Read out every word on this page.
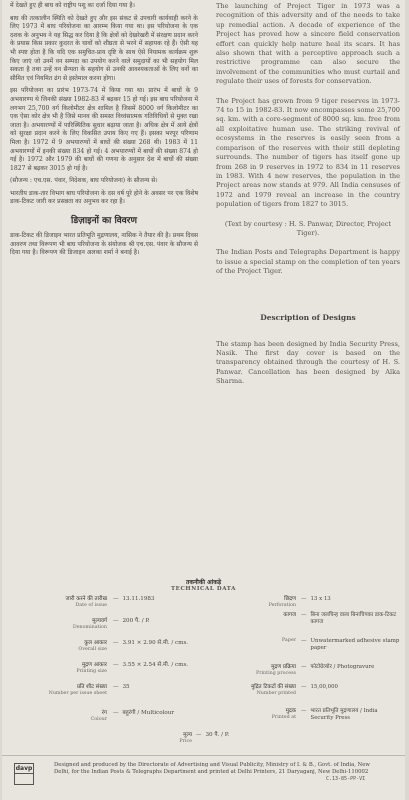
में देखते हुए ही बाघ को राष्ट्रीय पशु का दर्जा दिया गया है।

बाघ की तत्कालीन स्थिति को देखते हुए और इस संकट से उपचारी कार्यवाही करने के लिए 1973 में बाघ परियोजना का आरम्भ किया गया था। इस परियोजना के एक दशक के अनुभव ने यह सिद्ध कर दिया है कि क्षेत्रों को देखरेखरी में संरक्षण प्रदान करने के प्रयास किस प्रकार कुदरत के घावों को शीघ्रता से भरने में सहायक रहे हैं। ऐसी यह भी स्पष्ट होता है कि यदि एक समुचित-प्राय दृष्टि के साथ ऐसे नियामक कार्यक्रम शुरू किए जाएं जो उनमें वन सम्पदा का उपयोग करने वाले समुदायों का भी सहयोग मिल सकता है तथा उन्हें वन सैन्यता के सहयोग से उनकी आवश्यकताओं के लिए वनों का सीमित एवं नियमित ढंग से इस्तेमाल करना होगा।

इस परियोजना का प्रारंभ 1973-74 में किया गया था। प्रारंभ में बाघों के 9 अभयारण्य थे जिनकी संख्या 1982-83 में बढ़कर 15 हो गई। इस बाघ परियोजना में लगभग 25,700 वर्ग किलोमीटर क्षेत्र शामिल है जिसमें 8000 वर्ग किलोमीटर का एक ऐसा कोर क्षेत्र भी है जिसे मानव की समस्त विध्वंसात्मक गतिविधियों से मुक्त रखा जाता है। अभयारण्यों में पारिस्थितिक सुधार बढ़ाया जाता है। अधिक क्षेत्र में आये क्षेत्रों को सुरक्षा प्रदान करने के लिए विकसित उपाय किए गए हैं। इसका भरपूर परिणाम मिला है। 1972 में 9 अभयारण्यों में बाघों की संख्या 268 थी। 1983 में 11 अभयारण्यों में इनकी संख्या 834 हो गई। 4 अभयारण्यों में बाघों की संख्या 874 हो गई है। 1972 और 1979 की बाघों की गणना के अनुसार देश में बाघों की संख्या 1827 से बढ़कर 3015 हो गई है।

(सौजन्य : एच.एस. पंवार, निदेशक, बाघ परियोजना) के सौजन्य से।

भारतीय डाक-तार विभाग बाघ परियोजना के दस वर्ष पूरे होने के अवसर पर एक विशेष डाक-टिकट जारी कर प्रसन्नता का अनुभव कर रहा है।

डिज़ाइनों का विवरण

डाक-टिकट की डिजाइन भारत प्रतिभूति मुद्रणालय, नासिक ने तैयार की है। प्रथम दिवस आवरण तथा विरूपण भी बाघ परियोजना के संयोजक श्री एच.एस. पंवार के सौजन्य से दिया गया है। विरूपण की डिजाइन अलका शर्मा ने बनाई है।

The launching of Project Tiger in 1973 was a recognition of this adversity and of the needs to take up remedial action. A decade of experience of the Project has proved how a sincere field conservation effort can quickly help nature heal its scars. It has also shown that with a perceptive approach such a restrictive programme can also secure the involvement of the communities who must curtail and regulate their uses of forests for conservation.

The Project has grown from 9 tiger reserves in 1973-74 to 15 in 1982-83. It now encompasses some 25,700 sq. km. with a core-segment of 8000 sq. km. free from all exploitative human use. The striking revival of ecosystems in the reserves is easily seen from a comparison of the reserves with their still depleting surrounds. The number of tigers has itself gone up from 268 in 9 reserves in 1972 to 834 in 11 reserves in 1983. With 4 new reserves, the population in the Project areas now stands at 979. All India censuses of 1972 and 1979 reveal an increase in the country population of tigers from 1827 to 3015.

(Text by courtesy : H. S. Panwar, Director, Project Tiger).

The Indian Posts and Telegraphs Department is happy to issue a special stamp on the completion of ten years of the Project Tiger.

Description of Designs

The stamp has been designed by India Security Press, Nasik. The first day cover is based on the transparency obtained through the courtesy of H. S. Panwar. Cancellation has been designed by Alka Sharma.

तकनीकी आंकड़े
TECHNICAL DATA
जारी करने की तारीख
Date of issue
— 13.11.1983
मूल्यवर्ग
Denomination
— 200 पै. / P.
कुल आकार
Overall size
— 3.91 × 2.90 से.मी. / cms.
मुद्रण आकार
Printing size
— 3.55 × 2.54 से.मी. / cms.
प्रति शीट संख्या
Number per issue sheet
— 35
रंग
Colour
— बहुरंगी / Multicolour
छिद्रण
Perforation
— 13 x 13
कागज — बिना जलचिन्ह वाला बिनाचिपका डाक-टिकट कागज
Paper — Unwatermarked adhesive stamp paper
मुद्रण प्रक्रिया
Printing process
— फोटोग्रेव्योर / Photogravure
मुद्रित टिकटों की संख्या
Number printed
— 15,00,000
मुद्रक
Printed at
— भारत प्रतिभूति मुद्रणालय / India Security Press
मूल्य
Price
— 30 पै. / P.
davp	Designed and produced by the Directorate of Advertising and Visual Publicity, Ministry of I. & B., Govt. of India, New Delhi, for the Indian Posts & Telegraphs Department and printed at Delhi Printers, 21 Daryaganj, New Delhi-110002
C.13-85-PP-VI
